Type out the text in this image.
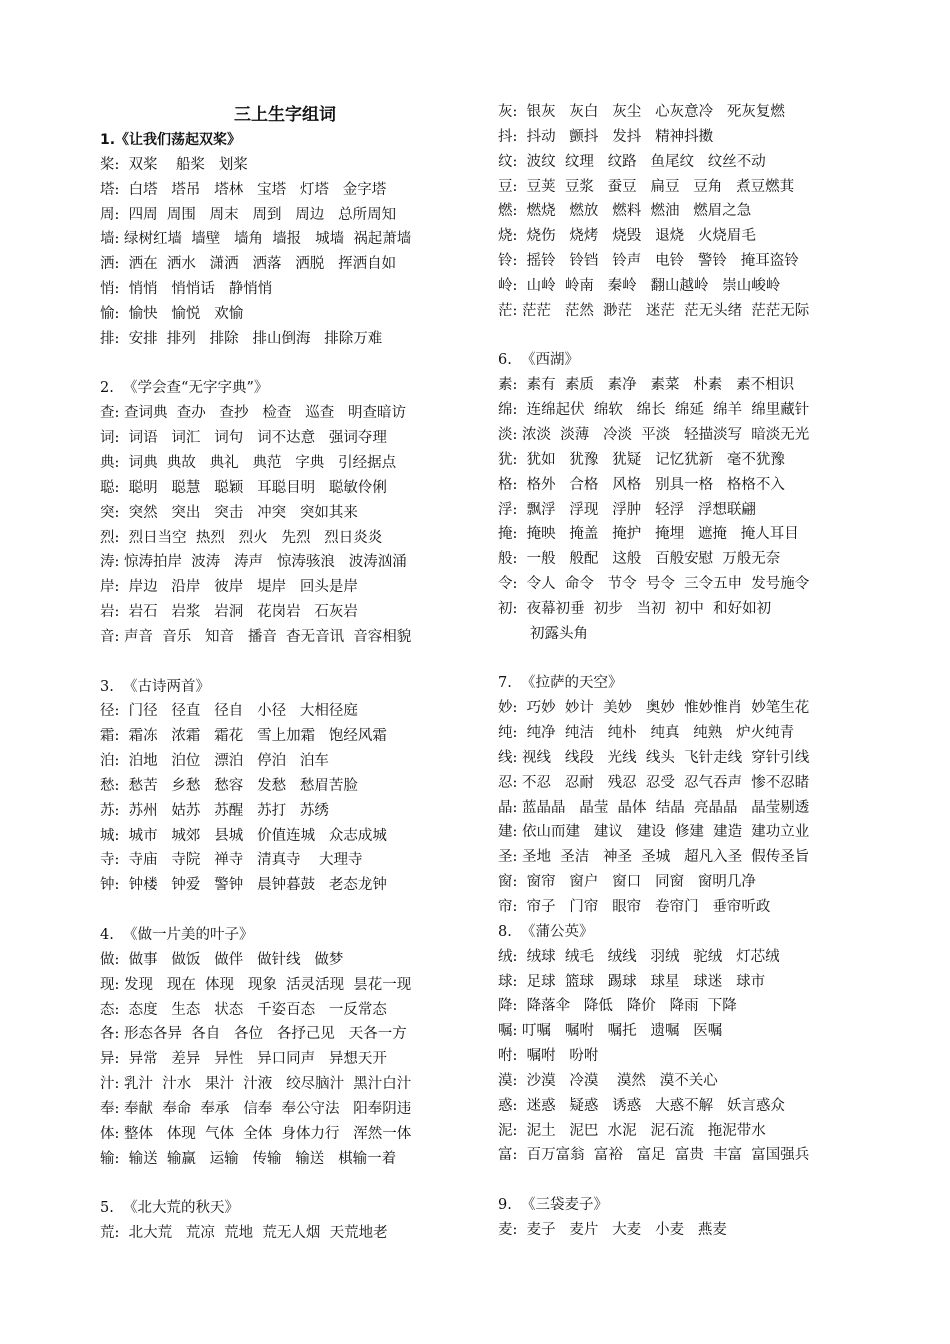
三上生字组词
1.《让我们荡起双桨》
桨:  双桨    船桨   划桨
塔:  白塔   塔吊   塔林   宝塔   灯塔   金字塔
周:  四周  周围   周末   周到   周边   总所周知
墙: 绿树红墙  墙壁   墙角  墙报   城墙  祸起萧墙
洒:  洒在  洒水   潇洒   洒落   洒脱   挥洒自如
悄:  悄悄   悄悄话   静悄悄
愉:  愉快   愉悦   欢愉
排:  安排  排列   排除   排山倒海   排除万难
2.  《学会查“无字字典”》
查: 查词典  查办   查抄   检查   巡查   明查暗访
词:  词语   词汇   词句   词不达意   强词夺理
典:  词典  典故   典礼   典范   字典   引经据点
聪:  聪明   聪慧   聪颖   耳聪目明   聪敏伶俐
突:  突然   突出   突击   冲突   突如其来
烈:  烈日当空  热烈   烈火   先烈   烈日炎炎
涛: 惊涛拍岸  波涛   涛声   惊涛骇浪   波涛汹涌
岸:  岸边   沿岸   彼岸   堤岸   回头是岸
岩:  岩石   岩浆   岩洞   花岗岩   石灰岩
音: 声音  音乐   知音   播音  杳无音讯  音容相貌
3.  《古诗两首》
径:  门径   径直   径自   小径   大相径庭
霜:  霜冻   浓霜   霜花   雪上加霜   饱经风霜
泊:  泊地   泊位   漂泊   停泊   泊车
愁:  愁苦   乡愁   愁容   发愁   愁眉苦脸
苏:  苏州   姑苏   苏醒   苏打   苏绣
城:  城市   城郊   县城   价值连城   众志成城
寺:  寺庙   寺院   禅寺   清真寺    大理寺
钟:  钟楼   钟爱   警钟   晨钟暮鼓   老态龙钟
4.  《做一片美的叶子》
做:  做事   做饭   做伴   做针线   做梦
现: 发现   现在  体现   现象  活灵活现  昙花一现
态:  态度   生态   状态   千姿百态   一反常态
各: 形态各异  各自   各位   各抒己见   天各一方
异:  异常   差异   异性   异口同声   异想天开
汁: 乳汁  汁水   果汁  汁液   绞尽脑汁  黑汁白汁
奉: 奉献  奉命  奉承   信奉  奉公守法   阳奉阴违
体: 整体   体现  气体  全体  身体力行   浑然一体
输:  输送  输赢   运输   传输   输送   棋输一着
5.  《北大荒的秋天》
荒:  北大荒   荒凉  荒地  荒无人烟  天荒地老
灰:  银灰   灰白   灰尘   心灰意冷   死灰复燃
抖:  抖动   颤抖   发抖   精神抖擞
纹:  波纹  纹理   纹路   鱼尾纹   纹丝不动
豆:  豆荚  豆浆   蚕豆   扁豆   豆角   煮豆燃萁
燃:  燃烧   燃放   燃料  燃油   燃眉之急
烧:  烧伤   烧烤   烧毁   退烧   火烧眉毛
铃:  摇铃   铃铛   铃声   电铃   警铃   掩耳盗铃
岭:  山岭  岭南   秦岭   翻山越岭   崇山峻岭
茫: 茫茫   茫然  渺茫   迷茫  茫无头绪  茫茫无际
6.  《西湖》
素:  素有  素质   素净   素菜   朴素   素不相识
绵:  连绵起伏  绵软   绵长  绵延  绵羊  绵里藏针
淡: 浓淡  淡薄   冷淡  平淡   轻描淡写  暗淡无光
犹:  犹如   犹豫   犹疑   记忆犹新   毫不犹豫
格:  格外   合格   风格   别具一格   格格不入
浮:  飘浮   浮现   浮肿   轻浮   浮想联翩
掩:  掩映   掩盖   掩护   掩埋   遮掩   掩人耳目
般:  一般   般配   这般   百般安慰  万般无奈
令:  令人  命令   节令  号令  三令五申  发号施令
初:  夜幕初垂  初步   当初  初中  和好如初
初露头角
7.  《拉萨的天空》
妙:  巧妙  妙计  美妙   奥妙  惟妙惟肖  妙笔生花
纯:  纯净  纯洁   纯朴   纯真   纯熟   炉火纯青
线: 视线   线段   光线  线头  飞针走线  穿针引线
忍: 不忍   忍耐   残忍  忍受  忍气吞声  惨不忍睹
晶: 蓝晶晶   晶莹  晶体  结晶  亮晶晶   晶莹剔透
建: 依山而建   建议   建设  修建  建造  建功立业
圣: 圣地  圣洁   神圣  圣城   超凡入圣  假传圣旨
窗:  窗帘   窗户   窗口   同窗   窗明几净
帘:  帘子   门帘   眼帘   卷帘门   垂帘听政
8.  《蒲公英》
绒:  绒球  绒毛   绒线   羽绒   驼绒   灯芯绒
球:  足球  篮球   踢球   球星   球迷   球市
降:  降落伞   降低   降价   降雨  下降
嘱: 叮嘱   嘱咐   嘱托   遗嘱   医嘱
咐:  嘱咐   吩咐
漠:  沙漠   冷漠    漠然   漠不关心
惑:  迷惑   疑惑   诱惑   大惑不解   妖言惑众
泥:  泥土   泥巴  水泥   泥石流   拖泥带水
富:  百万富翁  富裕   富足  富贵  丰富  富国强兵
9.  《三袋麦子》
麦:  麦子   麦片   大麦   小麦   燕麦
